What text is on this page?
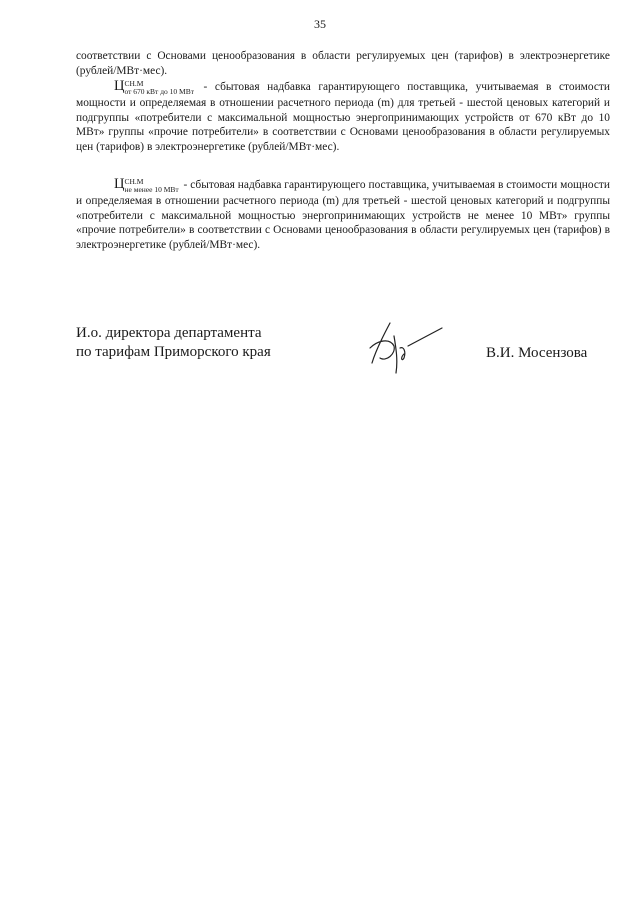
35

соответствии с Основами ценообразования в области регулируемых цен (тарифов) в электроэнергетике (рублей/МВт·мес).

Ц СН.М
от 670 кВт до 10 МВт - сбытовая надбавка гарантирующего поставщика, учитываемая в стоимости мощности и определяемая в отношении расчетного периода (m) для третьей - шестой ценовых категорий и подгруппы «потребители с максимальной мощностью энергопринимающих устройств от 670 кВт до 10 МВт» группы «прочие потребители» в соответствии с Основами ценообразования в области регулируемых цен (тарифов) в электроэнергетике (рублей/МВт·мес).

Ц СН.М
не менее 10 МВт - сбытовая надбавка гарантирующего поставщика, учитываемая в стоимости мощности и определяемая в отношении расчетного периода (m) для третьей - шестой ценовых категорий и подгруппы «потребители с максимальной мощностью энергопринимающих устройств не менее 10 МВт» группы «прочие потребители» в соответствии с Основами ценообразования в области регулируемых цен (тарифов) в электроэнергетике (рублей/МВт·мес).

И.о. директора департамента
по тарифам Приморского края	В.И. Мосензова
